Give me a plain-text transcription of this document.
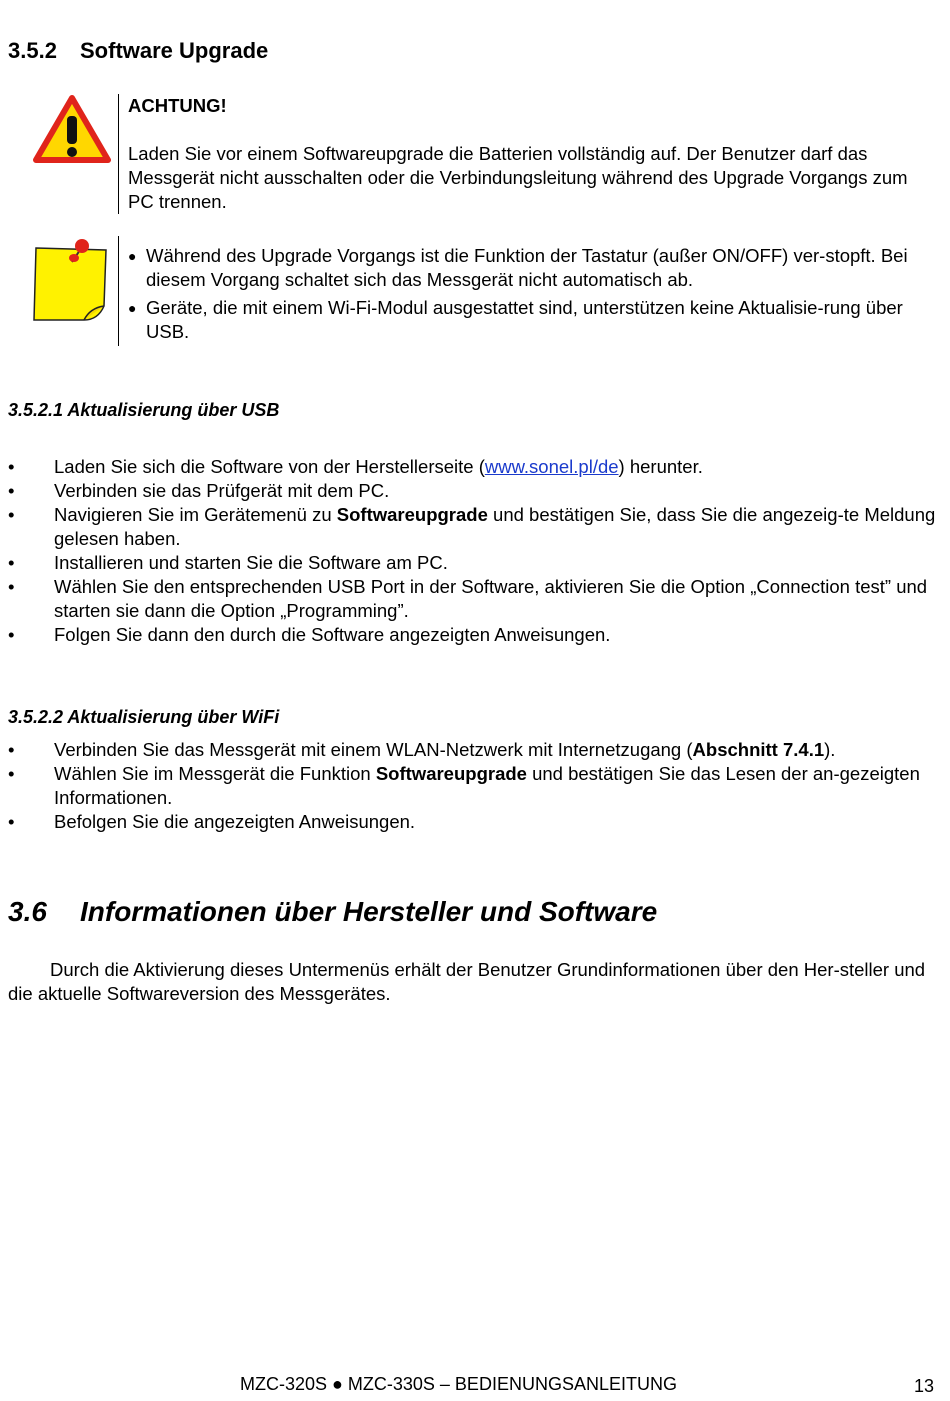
3.5.2 Software Upgrade

ACHTUNG!

Laden Sie vor einem Softwareupgrade die Batterien vollständig auf. Der Benutzer darf das Messgerät nicht ausschalten oder die Verbindungsleitung während des Upgrade Vorgangs zum PC trennen.

● Während des Upgrade Vorgangs ist die Funktion der Tastatur (außer ON/OFF) ver-stopft. Bei diesem Vorgang schaltet sich das Messgerät nicht automatisch ab.
● Geräte, die mit einem Wi-Fi-Modul ausgestattet sind, unterstützen keine Aktualisie-rung über USB.
3.5.2.1 Aktualisierung über USB
• Laden Sie sich die Software von der Herstellerseite (www.sonel.pl/de) herunter.
• Verbinden sie das Prüfgerät mit dem PC.
• Navigieren Sie im Gerätemenü zu Softwareupgrade und bestätigen Sie, dass Sie die angezeig-te Meldung gelesen haben.
• Installieren und starten Sie die Software am PC.
• Wählen Sie den entsprechenden USB Port in der Software, aktivieren Sie die Option „Connection test” und starten sie dann die Option „Programming”.
• Folgen Sie dann den durch die Software angezeigten Anweisungen.
3.5.2.2 Aktualisierung über WiFi
• Verbinden Sie das Messgerät mit einem WLAN-Netzwerk mit Internetzugang (Abschnitt 7.4.1).
• Wählen Sie im Messgerät die Funktion Softwareupgrade und bestätigen Sie das Lesen der an-gezeigten Informationen.
• Befolgen Sie die angezeigten Anweisungen.
3.6 Informationen über Hersteller und Software

Durch die Aktivierung dieses Untermenüs erhält der Benutzer Grundinformationen über den Her-steller und die aktuelle Softwareversion des Messgerätes.

MZC-320S ● MZC-330S – BEDIENUNGSANLEITUNG	13
